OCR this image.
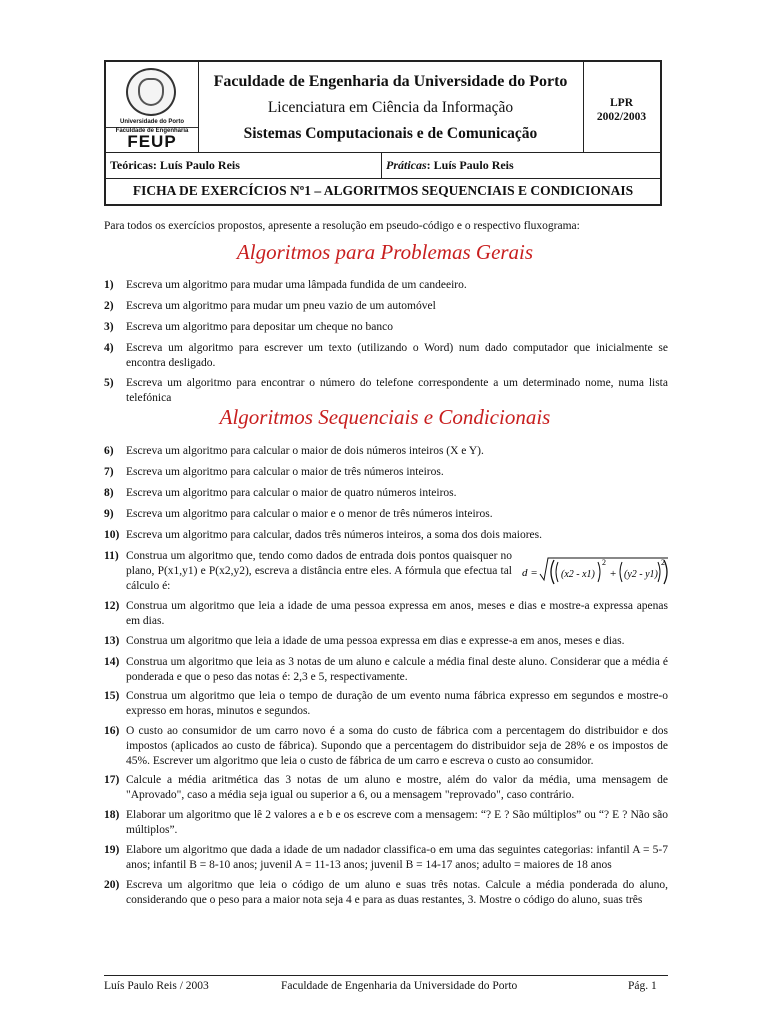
Universidade do Porto
Faculdade de Engenharia
FEUP
Faculdade de Engenharia da Universidade do Porto
Licenciatura em Ciência da Informação
Sistemas Computacionais e de Comunicação
LPR
2002/2003
Teóricas: Luís Paulo Reis	Práticas: Luís Paulo Reis
FICHA DE EXERCÍCIOS Nº1 – ALGORITMOS SEQUENCIAIS E CONDICIONAIS
Para todos os exercícios propostos, apresente a resolução em pseudo-código e o respectivo fluxograma:
Algoritmos para Problemas Gerais
1)	Escreva um algoritmo para mudar uma lâmpada fundida de um candeeiro.
2)	Escreva um algoritmo para mudar um pneu vazio de um automóvel
3)	Escreva um algoritmo para depositar um cheque no banco
4)	Escreva um algoritmo para escrever um texto (utilizando o Word) num dado computador que inicialmente se encontra desligado.
5)	Escreva um algoritmo para encontrar o número do telefone correspondente a um determinado nome, numa lista telefónica
Algoritmos Sequenciais e Condicionais
6)	Escreva um algoritmo para calcular o maior de dois números inteiros (X e Y).
7)	Escreva um algoritmo para calcular o maior de três números inteiros.
8)	Escreva um algoritmo para calcular o maior de quatro números inteiros.
9)	Escreva um algoritmo para calcular o maior e o menor de três números inteiros.
10) Escreva um algoritmo para calcular, dados três números inteiros, a soma dos dois maiores.
11) Construa um algoritmo que, tendo como dados de entrada dois pontos quaisquer no plano, P(x1,y1) e P(x2,y2), escreva a distância entre eles. A fórmula que efectua tal cálculo é:
d = (x2 - x1)
2
+ (y2 - y1)
2
12) Construa um algoritmo que leia a idade de uma pessoa expressa em anos, meses e dias e mostre-a expressa apenas em dias.
13) Construa um algoritmo que leia a idade de uma pessoa expressa em dias e expresse-a em anos, meses e dias.
14) Construa um algoritmo que leia as 3 notas de um aluno e calcule a média final deste aluno. Considerar que a média é ponderada e que o peso das notas é: 2,3 e 5, respectivamente.
15) Construa um algoritmo que leia o tempo de duração de um evento numa fábrica expresso em segundos e mostre-o expresso em horas, minutos e segundos.
16) O custo ao consumidor de um carro novo é a soma do custo de fábrica com a percentagem do distribuidor e dos impostos (aplicados ao custo de fábrica). Supondo que a percentagem do distribuidor seja de 28% e os impostos de 45%. Escrever um algoritmo que leia o custo de fábrica de um carro e escreva o custo ao consumidor.
17) Calcule a média aritmética das 3 notas de um aluno e mostre, além do valor da média, uma mensagem de "Aprovado", caso a média seja igual ou superior a 6, ou a mensagem "reprovado", caso contrário.
18) Elaborar um algoritmo que lê 2 valores a e b e os escreve com a mensagem: “? E ? São múltiplos” ou “? E ? Não são múltiplos”.
19) Elabore um algoritmo que dada a idade de um nadador classifica-o em uma das seguintes categorias: infantil A = 5-7 anos; infantil B = 8-10 anos; juvenil A = 11-13 anos; juvenil B = 14-17 anos; adulto = maiores de 18 anos
20) Escreva um algoritmo que leia o código de um aluno e suas três notas. Calcule a média ponderada do aluno, considerando que o peso para a maior nota seja 4 e para as duas restantes, 3. Mostre o código do aluno, suas três
Luís Paulo Reis / 2003	Faculdade de Engenharia da Universidade do Porto	Pág. 1
